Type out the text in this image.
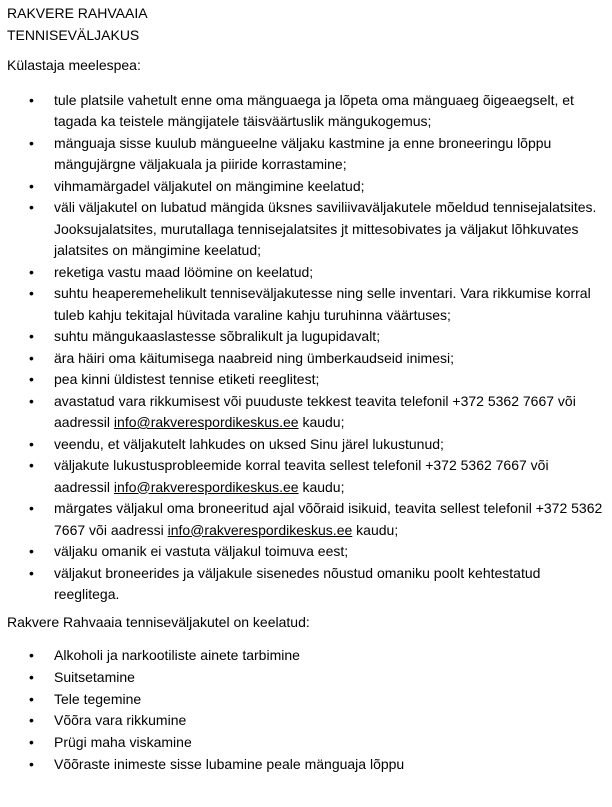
RAKVERE RAHVAAIA
TENNISEVÄLJAKUS
Külastaja meelespea:
• tule platsile vahetult enne oma mänguaega ja lõpeta oma mänguaeg õigeaegselt, et tagada ka teistele mängijatele täisväärtuslik mängukogemus;
• mänguaja sisse kuulub mängueelne väljaku kastmine ja enne broneeringu lõppu mängujärgne väljakuala ja piiride korrastamine;
• vihmamärgadel väljakutel on mängimine keelatud;
• väli väljakutel on lubatud mängida üksnes saviliivaväljakutele mõeldud tennisejalatsites.
Jooksujalatsites, murutallaga tennisejalatsites jt mittesobivates ja väljakut lõhkuvates jalatsites on mängimine keelatud;
• reketiga vastu maad löömine on keelatud;
• suhtu heaperemehelikult tenniseväljakutesse ning selle inventari. Vara rikkumise korral tuleb kahju tekitajal hüvitada varaline kahju turuhinna väärtuses;
• suhtu mängukaaslastesse sõbralikult ja lugupidavalt;
• ära häiri oma käitumisega naabreid ning ümberkaudseid inimesi;
• pea kinni üldistest tennise etiketi reeglitest;
• avastatud vara rikkumisest või puuduste tekkest teavita telefonil +372 5362 7667 või aadressil info@rakverespordikeskus.ee kaudu;
• veendu, et väljakutelt lahkudes on uksed Sinu järel lukustunud;
• väljakute lukustusprobleemide korral teavita sellest telefonil +372 5362 7667 või aadressil info@rakverespordikeskus.ee kaudu;
• märgates väljakul oma broneeritud ajal võõraid isikuid, teavita sellest telefonil +372 5362 7667 või aadressi info@rakverespordikeskus.ee kaudu;
• väljaku omanik ei vastuta väljakul toimuva eest;
• väljakut broneerides ja väljakule sisenedes nõustud omaniku poolt kehtestatud reeglitega.
Rakvere Rahvaaia tenniseväljakutel on keelatud:
• Alkoholi ja narkootiliste ainete tarbimine
• Suitsetamine
• Tele tegemine
• Võõra vara rikkumine
• Prügi maha viskamine
• Võõraste inimeste sisse lubamine peale mänguaja lõppu
